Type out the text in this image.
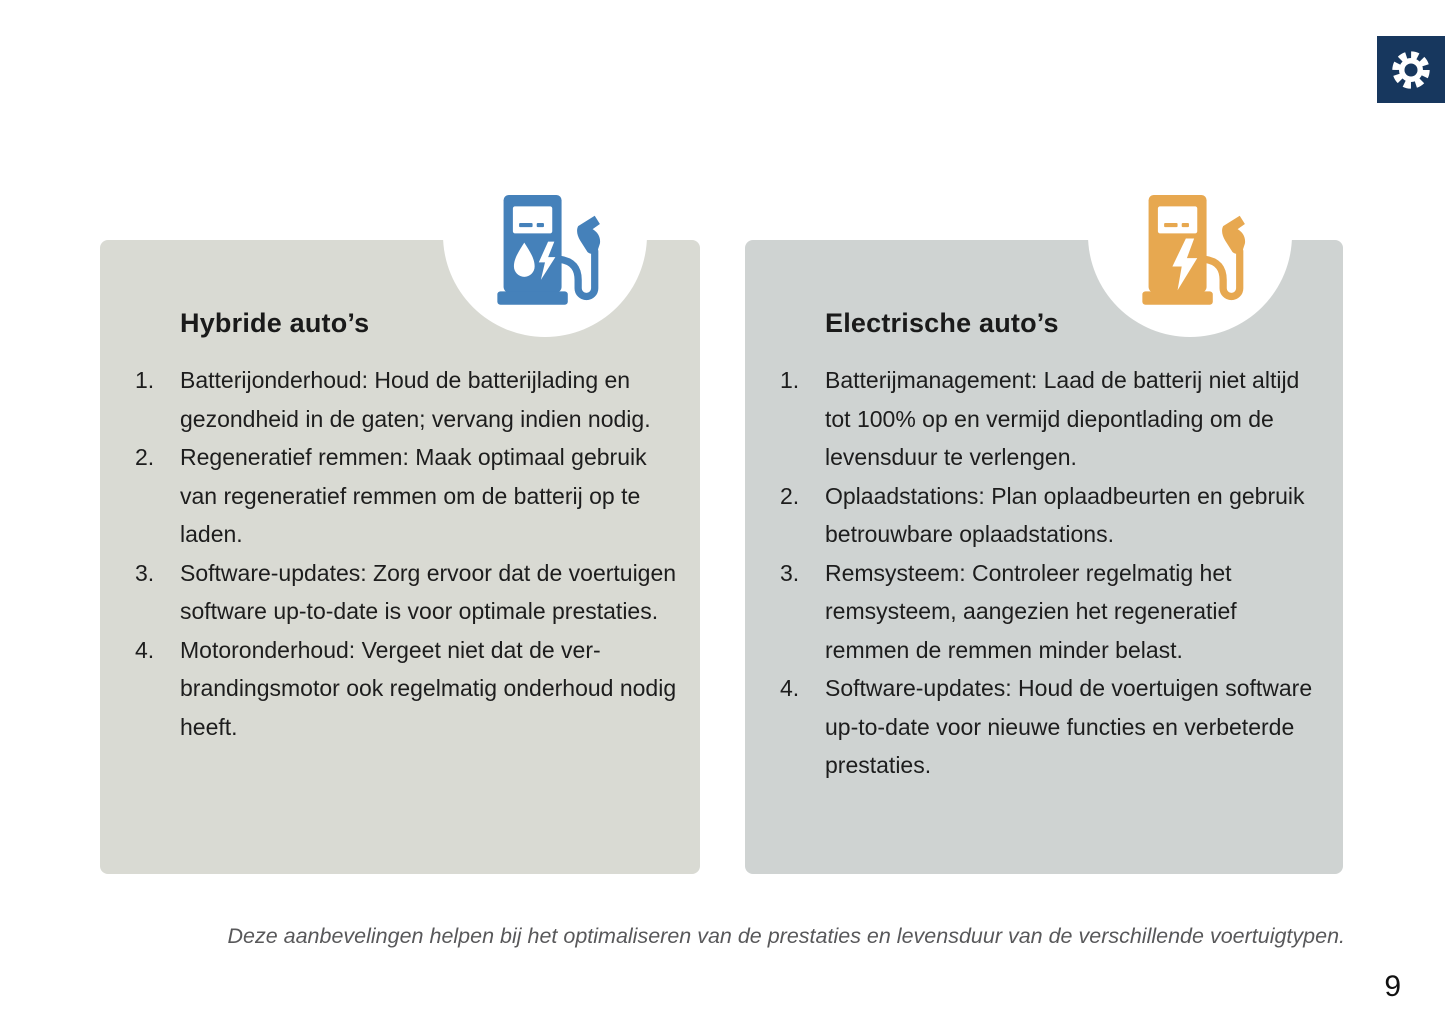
Hybride auto’s
1.	Batterijonderhoud: Houd de batterijlading en gezondheid in de gaten; vervang indien nodig.
2.	Regeneratief remmen: Maak optimaal gebruik van regeneratief remmen om de batterij op te laden.
3.	Software-updates: Zorg ervoor dat de voertuigen software up-to-date is voor optimale prestaties.
4.	Motoronderhoud: Vergeet niet dat de verbrandingsmotor ook regelmatig onderhoud nodig heeft.
Electrische auto’s
1.	Batterijmanagement: Laad de batterij niet altijd tot 100% op en vermijd diepontlading om de levensduur te verlengen.
2.	Oplaadstations: Plan oplaadbeurten en gebruik betrouwbare oplaadstations.
3.	Remsysteem: Controleer regelmatig het remsysteem, aangezien het regeneratief remmen de remmen minder belast.
4.	Software-updates: Houd de voertuigen software up-to-date voor nieuwe functies en verbeterde prestaties.
Deze aanbevelingen helpen bij het optimaliseren van de prestaties en levensduur van de verschillende voertuigtypen.
9
